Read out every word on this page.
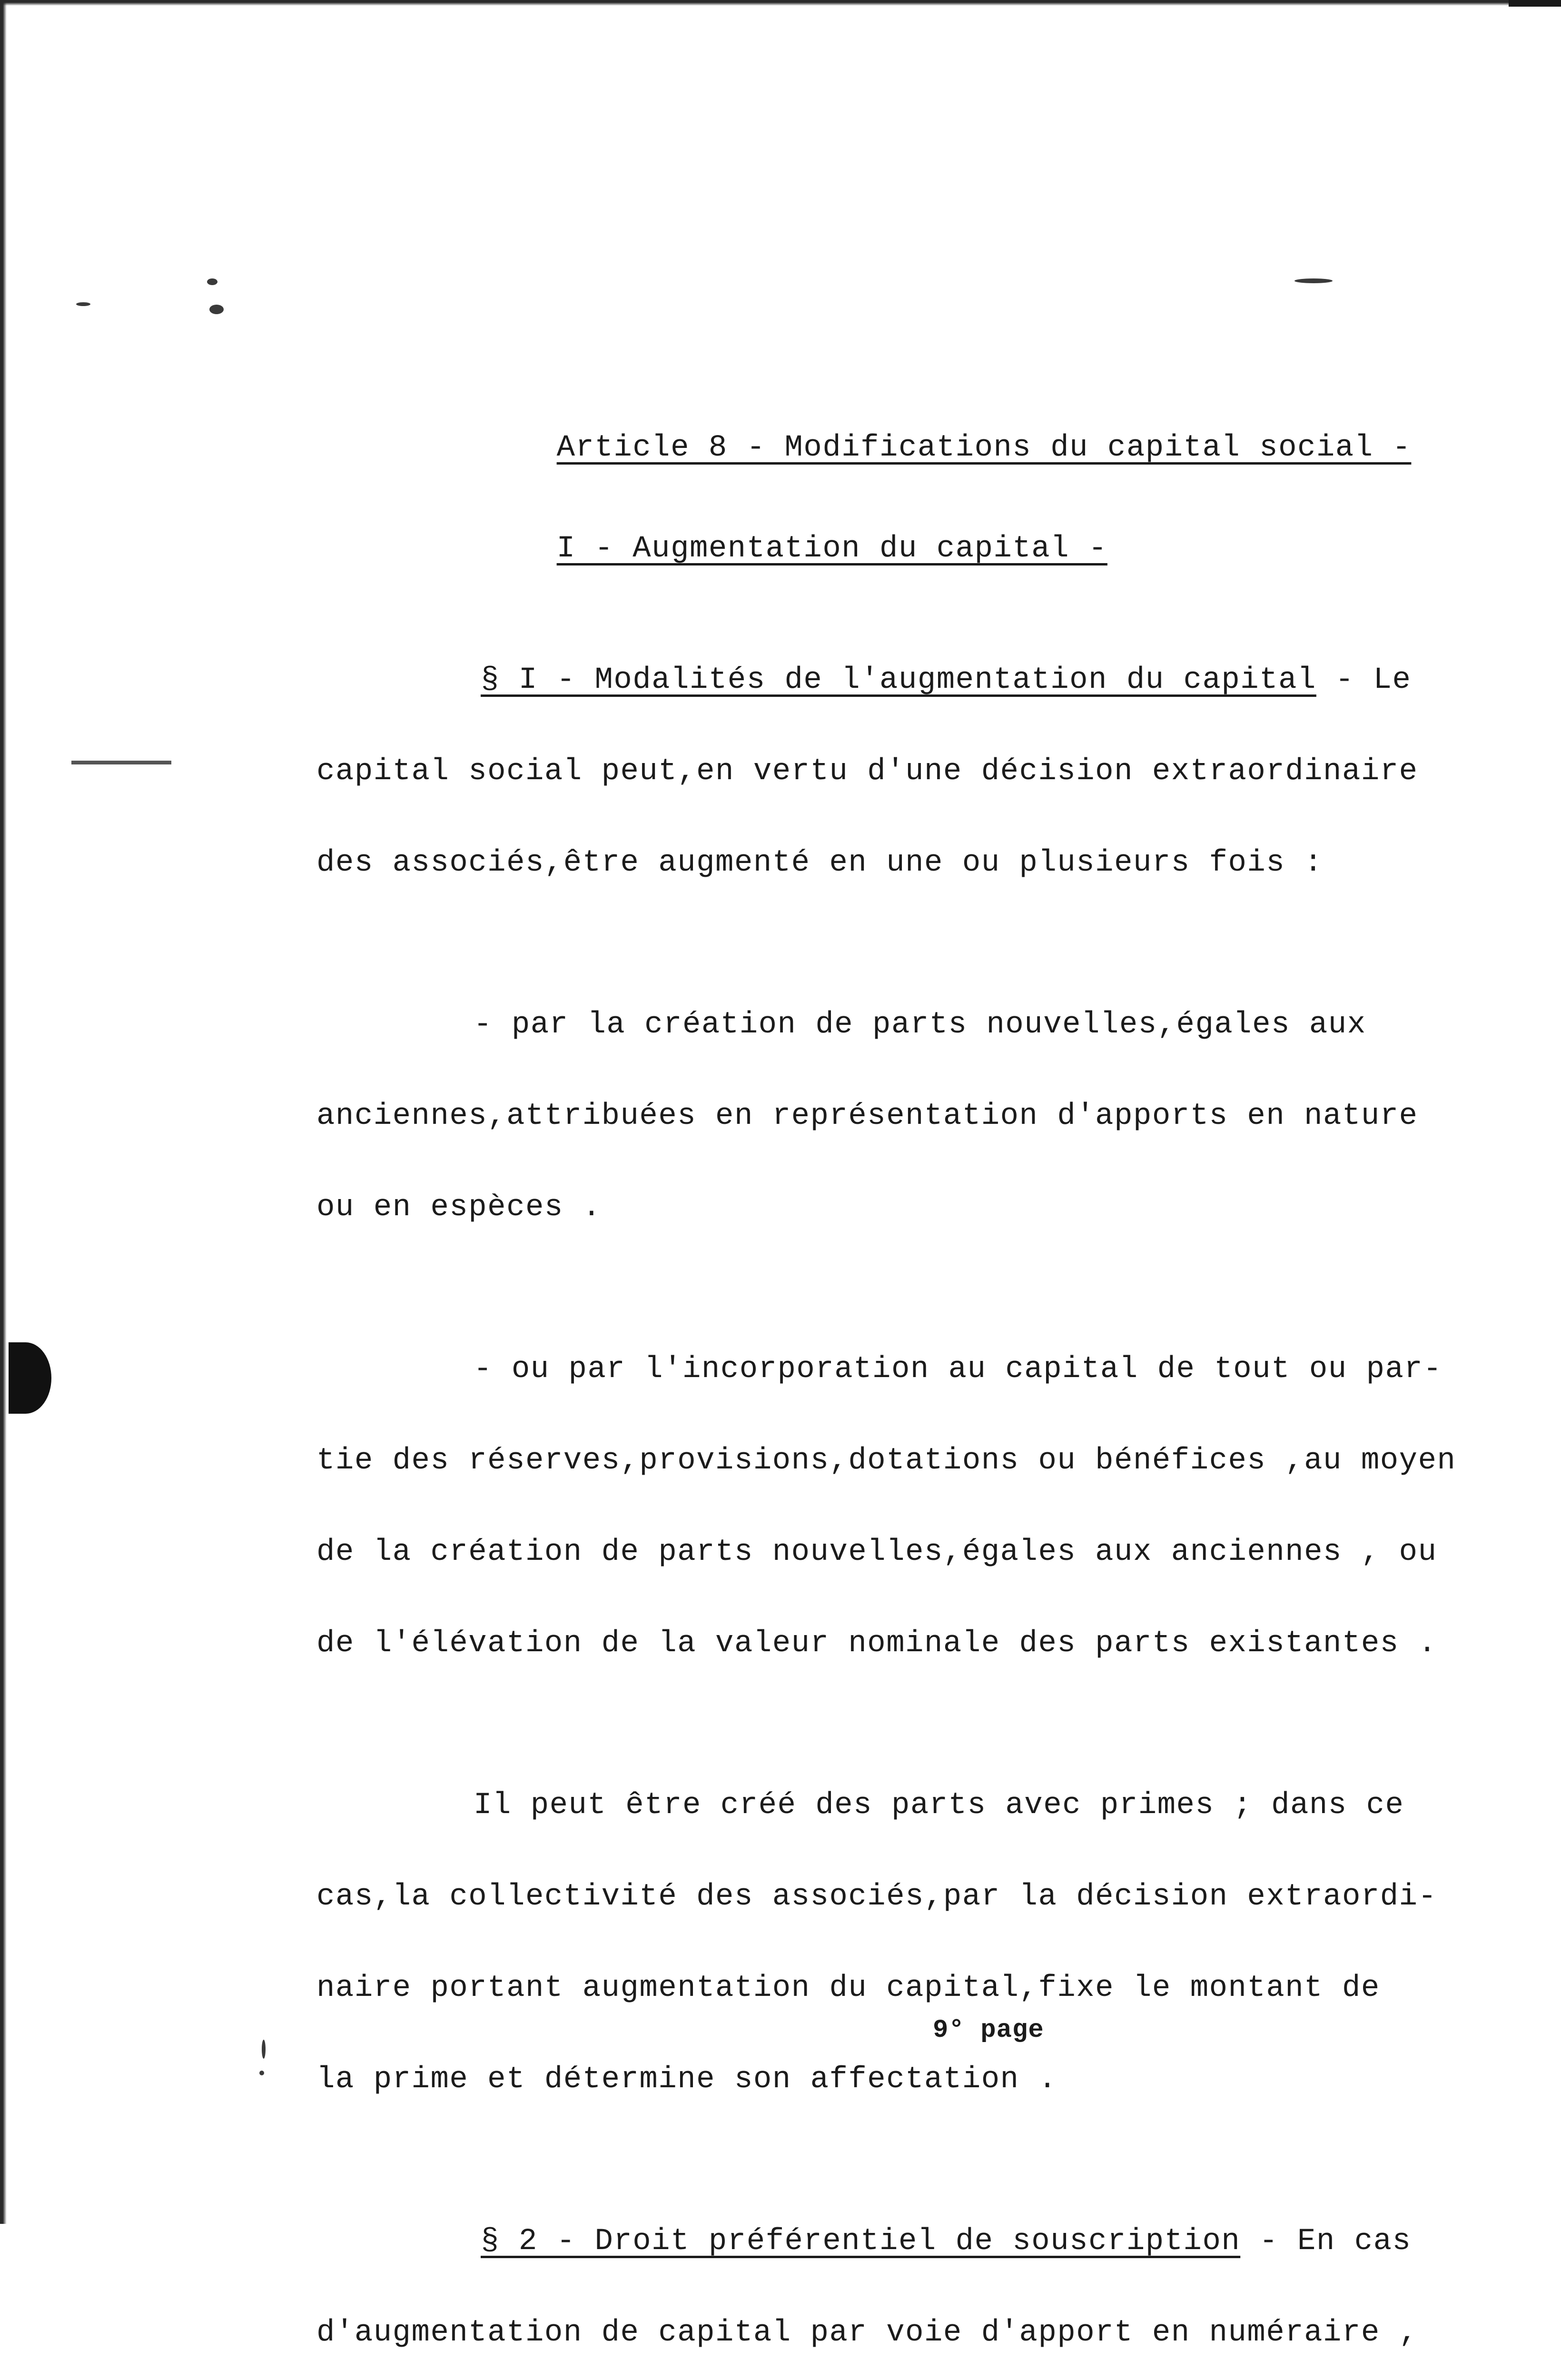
Article 8 - Modifications du capital social -

I - Augmentation du capital -

§ I - Modalités de l'augmentation du capital - Le

capital social peut,en vertu d'une décision extraordinaire

des associés,être augmenté en une ou plusieurs fois :

- par la création de parts nouvelles,égales aux

anciennes,attribuées en représentation d'apports en nature

ou en espèces .

- ou par l'incorporation au capital de tout ou par-

tie des réserves,provisions,dotations ou bénéfices ,au moyen

de la création de parts nouvelles,égales aux anciennes , ou

de l'élévation de la valeur nominale des parts existantes .

Il peut être créé des parts avec primes ; dans ce

cas,la collectivité des associés,par la décision extraordi-

naire portant augmentation du capital,fixe le montant de

la prime et détermine son affectation .

§ 2 - Droit préférentiel de souscription - En cas

d'augmentation de capital par voie d'apport en numéraire ,

9° page
